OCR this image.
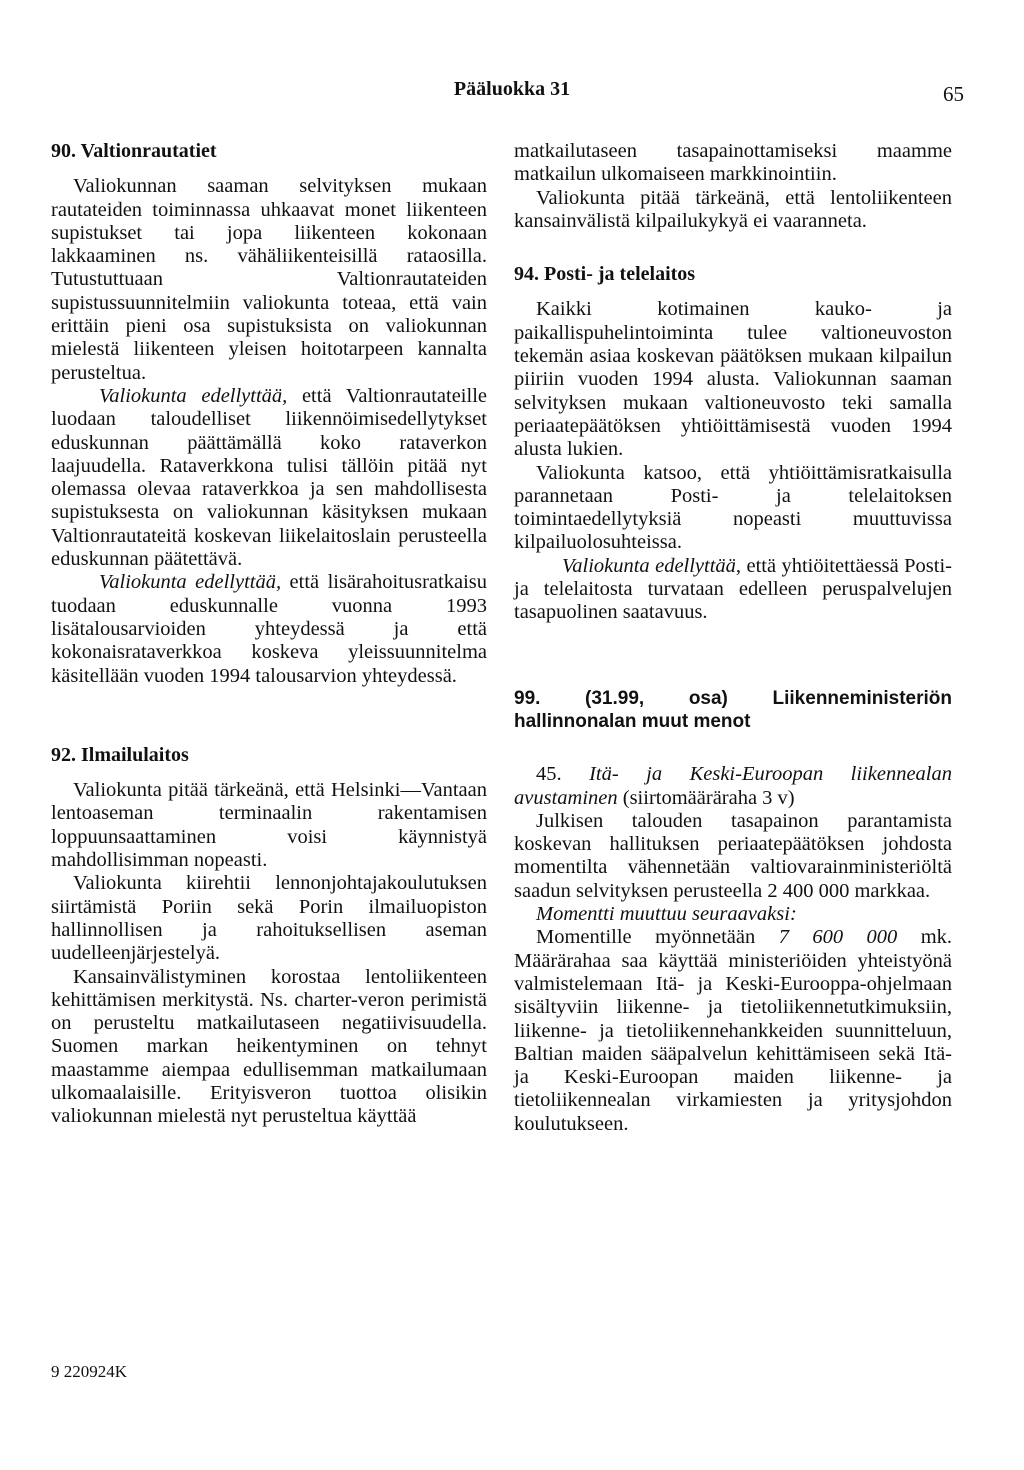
Pääluokka 31	65

90. Valtionrautatiet

Valiokunnan saaman selvityksen mukaan rautateiden toiminnassa uhkaavat monet liikenteen supistukset tai jopa liikenteen kokonaan lakkaaminen ns. vähäliikenteisillä rataosilla. Tutustuttuaan Valtionrautateiden supistussuunnitelmiin valiokunta toteaa, että vain erittäin pieni osa supistuksista on valiokunnan mielestä liikenteen yleisen hoitotarpeen kannalta perusteltua.

Valiokunta edellyttää, että Valtionrautateille luodaan taloudelliset liikennöimisedellytykset eduskunnan päättämällä koko rataverkon laajuudella. Rataverkkona tulisi tällöin pitää nyt olemassa olevaa rataverkkoa ja sen mahdollisesta supistuksesta on valiokunnan käsityksen mukaan Valtionrautateitä koskevan liikelaitoslain perusteella eduskunnan päätettävä.

Valiokunta edellyttää, että lisärahoitusratkaisu tuodaan eduskunnalle vuonna 1993 lisätalousarvioiden yhteydessä ja että kokonaisrataverkkoa koskeva yleissuunnitelma käsitellään vuoden 1994 talousarvion yhteydessä.

92. Ilmailulaitos

Valiokunta pitää tärkeänä, että Helsinki—Vantaan lentoaseman terminaalin rakentamisen loppuunsaattaminen voisi käynnistyä mahdollisimman nopeasti.

Valiokunta kiirehtii lennonjohtajakoulutuksen siirtämistä Poriin sekä Porin ilmailuopiston hallinnollisen ja rahoituksellisen aseman uudelleenjärjestelyä.

Kansainvälistyminen korostaa lentoliikenteen kehittämisen merkitystä. Ns. charter-veron perimistä on perusteltu matkailutaseen negatiivisuudella. Suomen markan heikentyminen on tehnyt maastamme aiempaa edullisemman matkailumaan ulkomaalaisille. Erityisveron tuottoa olisikin valiokunnan mielestä nyt perusteltua käyttää

matkailutaseen tasapainottamiseksi maamme matkailun ulkomaiseen markkinointiin.

Valiokunta pitää tärkeänä, että lentoliikenteen kansainvälistä kilpailukykyä ei vaaranneta.

94. Posti- ja telelaitos

Kaikki kotimainen kauko- ja paikallispuhelintoiminta tulee valtioneuvoston tekemän asiaa koskevan päätöksen mukaan kilpailun piiriin vuoden 1994 alusta. Valiokunnan saaman selvityksen mukaan valtioneuvosto teki samalla periaatepäätöksen yhtiöittämisestä vuoden 1994 alusta lukien.

Valiokunta katsoo, että yhtiöittämisratkaisulla parannetaan Posti- ja telelaitoksen toimintaedellytyksiä nopeasti muuttuvissa kilpailuolosuhteissa.

Valiokunta edellyttää, että yhtiöitettäessä Posti- ja telelaitosta turvataan edelleen peruspalvelujen tasapuolinen saatavuus.

99. (31.99, osa) Liikenneministeriön hallinnonalan muut menot

45. Itä- ja Keski-Euroopan liikennealan avustaminen (siirtomääräraha 3 v)

Julkisen talouden tasapainon parantamista koskevan hallituksen periaatepäätöksen johdosta momentilta vähennetään valtiovarainministeriöltä saadun selvityksen perusteella 2 400 000 markkaa.

Momentti muuttuu seuraavaksi:

Momentille myönnetään 7 600 000 mk. Määrärahaa saa käyttää ministeriöiden yhteistyönä valmistelemaan Itä- ja Keski-Eurooppa-ohjelmaan sisältyviin liikenne- ja tietoliikennetutkimuksiin, liikenne- ja tietoliikennehankkeiden suunnitteluun, Baltian maiden sääpalvelun kehittämiseen sekä Itä- ja Keski-Euroopan maiden liikenne- ja tietoliikennealan virkamiesten ja yritysjohdon koulutukseen.

9 220924K
